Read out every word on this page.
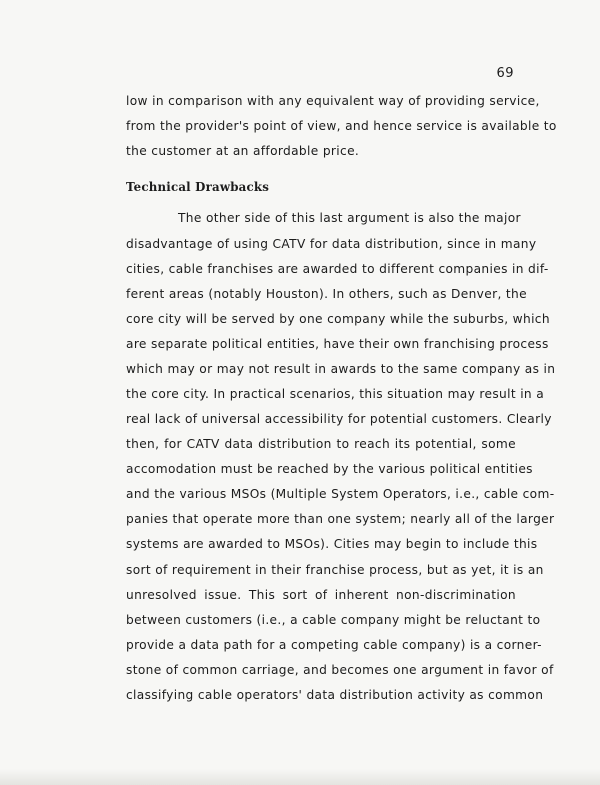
69
low in comparison with any equivalent way of providing service,
from the provider's point of view, and hence service is available to
the customer at an affordable price.
Technical Drawbacks
The other side of this last argument is also the major
disadvantage of using CATV for data distribution, since in many
cities, cable franchises are awarded to different companies in dif-
ferent areas (notably Houston). In others, such as Denver, the
core city will be served by one company while the suburbs, which
are separate political entities, have their own franchising process
which may or may not result in awards to the same company as in
the core city. In practical scenarios, this situation may result in a
real lack of universal accessibility for potential customers. Clearly
then, for CATV data distribution to reach its potential, some
accomodation must be reached by the various political entities
and the various MSOs (Multiple System Operators, i.e., cable com-
panies that operate more than one system; nearly all of the larger
systems are awarded to MSOs). Cities may begin to include this
sort of requirement in their franchise process, but as yet, it is an
unresolved issue. This sort of inherent non-discrimination
between customers (i.e., a cable company might be reluctant to
provide a data path for a competing cable company) is a corner-
stone of common carriage, and becomes one argument in favor of
classifying cable operators' data distribution activity as common
